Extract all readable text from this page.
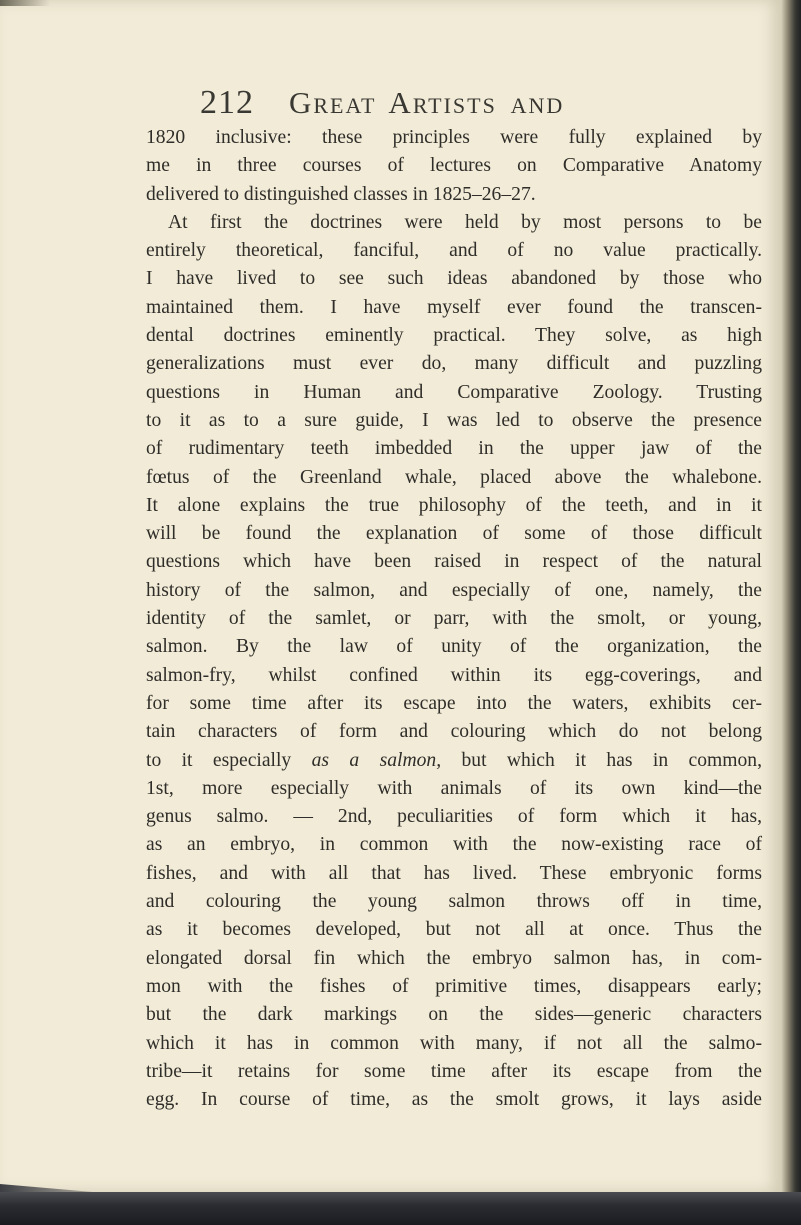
212 Great Artists and
1820 inclusive: these principles were fully explained by
me in three courses of lectures on Comparative Anatomy
delivered to distinguished classes in 1825–26–27.
At first the doctrines were held by most persons to be
entirely theoretical, fanciful, and of no value practically.
I have lived to see such ideas abandoned by those who
maintained them. I have myself ever found the transcen-
dental doctrines eminently practical. They solve, as high
generalizations must ever do, many difficult and puzzling
questions in Human and Comparative Zoology. Trusting
to it as to a sure guide, I was led to observe the presence
of rudimentary teeth imbedded in the upper jaw of the
fœtus of the Greenland whale, placed above the whalebone.
It alone explains the true philosophy of the teeth, and in it
will be found the explanation of some of those difficult
questions which have been raised in respect of the natural
history of the salmon, and especially of one, namely, the
identity of the samlet, or parr, with the smolt, or young,
salmon. By the law of unity of the organization, the
salmon-fry, whilst confined within its egg-coverings, and
for some time after its escape into the waters, exhibits cer-
tain characters of form and colouring which do not belong
to it especially as a salmon, but which it has in common,
1st, more especially with animals of its own kind—the
genus salmo. — 2nd, peculiarities of form which it has,
as an embryo, in common with the now-existing race of
fishes, and with all that has lived. These embryonic forms
and colouring the young salmon throws off in time,
as it becomes developed, but not all at once. Thus the
elongated dorsal fin which the embryo salmon has, in com-
mon with the fishes of primitive times, disappears early;
but the dark markings on the sides—generic characters
which it has in common with many, if not all the salmo-
tribe—it retains for some time after its escape from the
egg. In course of time, as the smolt grows, it lays aside
